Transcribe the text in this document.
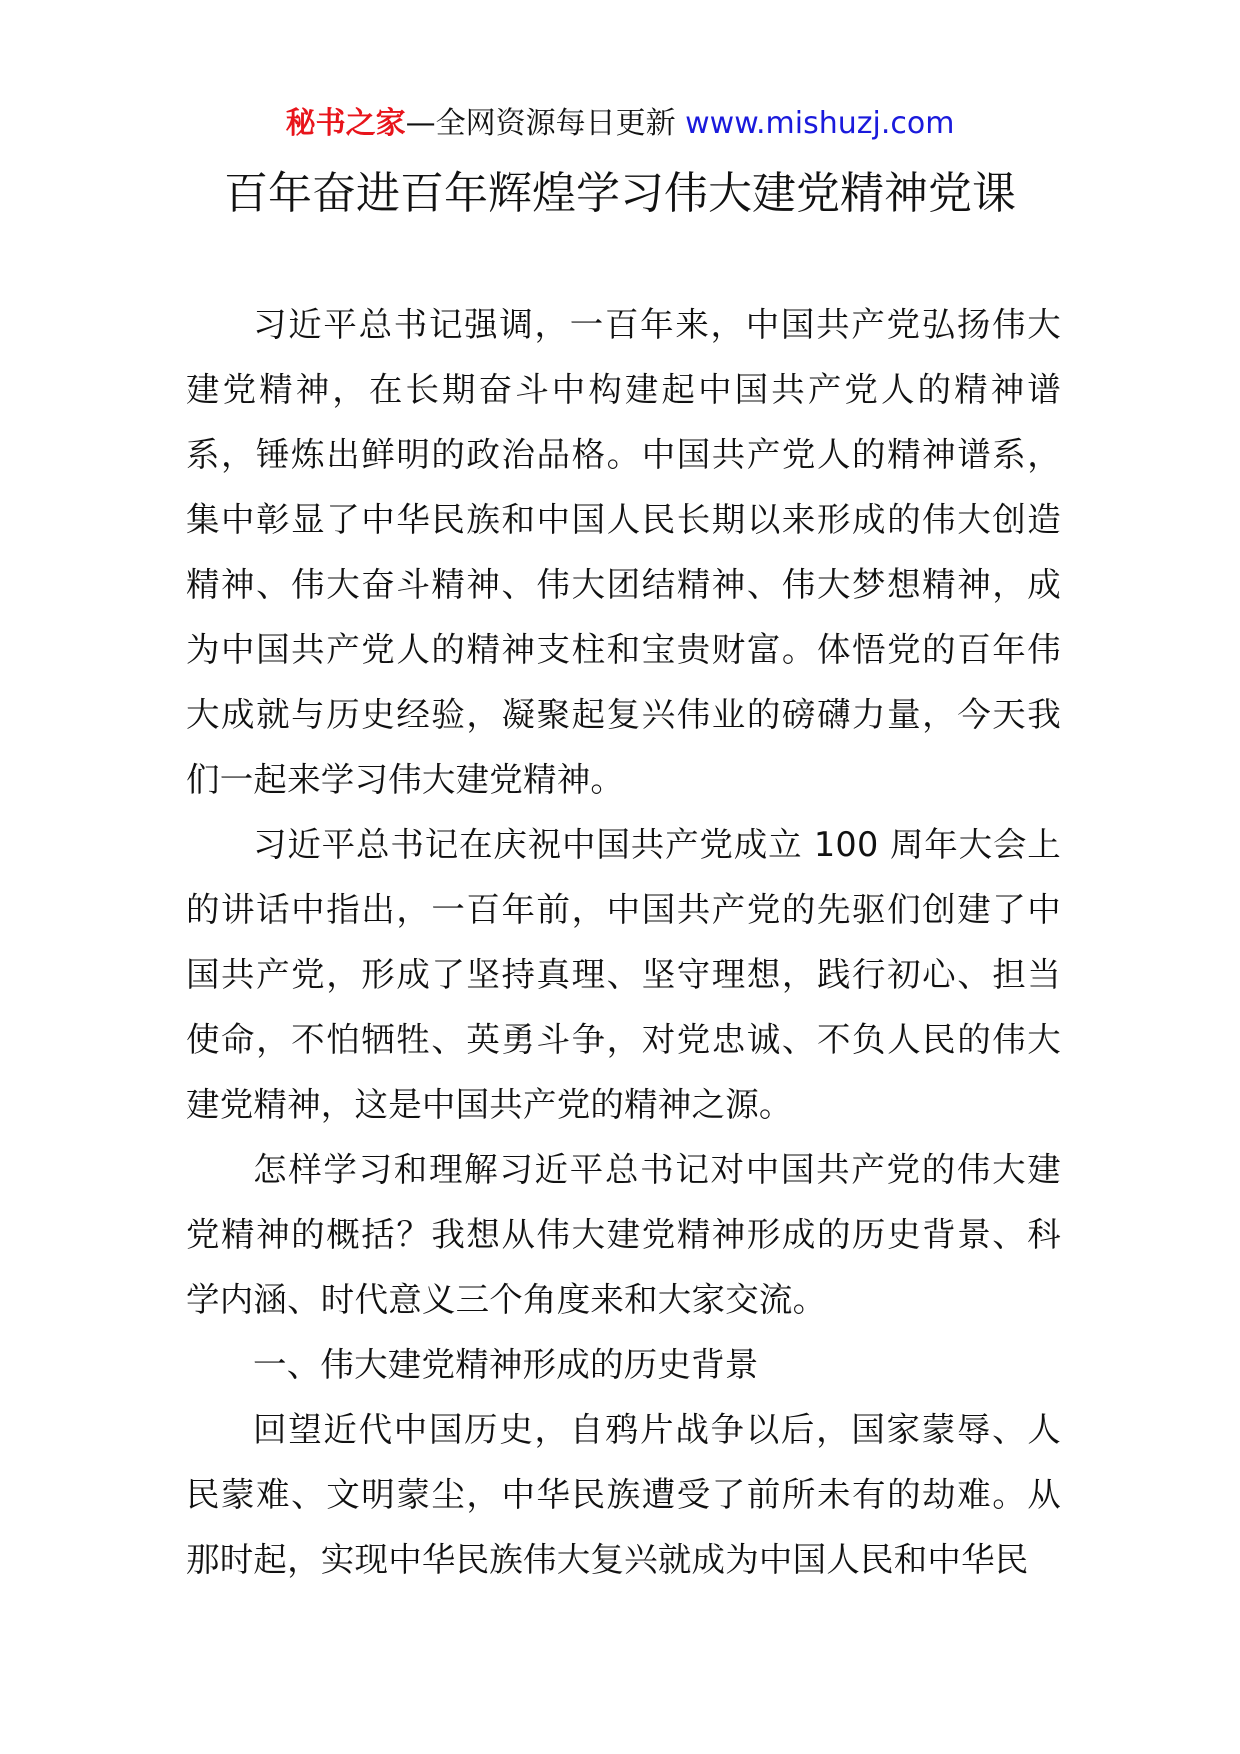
秘书之家—全网资源每日更新 www.mishuzj.com
百年奋进百年辉煌学习伟大建党精神党课

习近平总书记强调，一百年来，中国共产党弘扬伟大建党精神，在长期奋斗中构建起中国共产党人的精神谱系，锤炼出鲜明的政治品格。中国共产党人的精神谱系，集中彰显了中华民族和中国人民长期以来形成的伟大创造精神、伟大奋斗精神、伟大团结精神、伟大梦想精神，成为中国共产党人的精神支柱和宝贵财富。体悟党的百年伟大成就与历史经验，凝聚起复兴伟业的磅礴力量，今天我们一起来学习伟大建党精神。

习近平总书记在庆祝中国共产党成立 100 周年大会上的讲话中指出，一百年前，中国共产党的先驱们创建了中国共产党，形成了坚持真理、坚守理想，践行初心、担当使命，不怕牺牲、英勇斗争，对党忠诚、不负人民的伟大建党精神，这是中国共产党的精神之源。

怎样学习和理解习近平总书记对中国共产党的伟大建党精神的概括？我想从伟大建党精神形成的历史背景、科学内涵、时代意义三个角度来和大家交流。

一、伟大建党精神形成的历史背景

回望近代中国历史，自鸦片战争以后，国家蒙辱、人民蒙难、文明蒙尘，中华民族遭受了前所未有的劫难。从那时起，实现中华民族伟大复兴就成为中国人民和中华民
